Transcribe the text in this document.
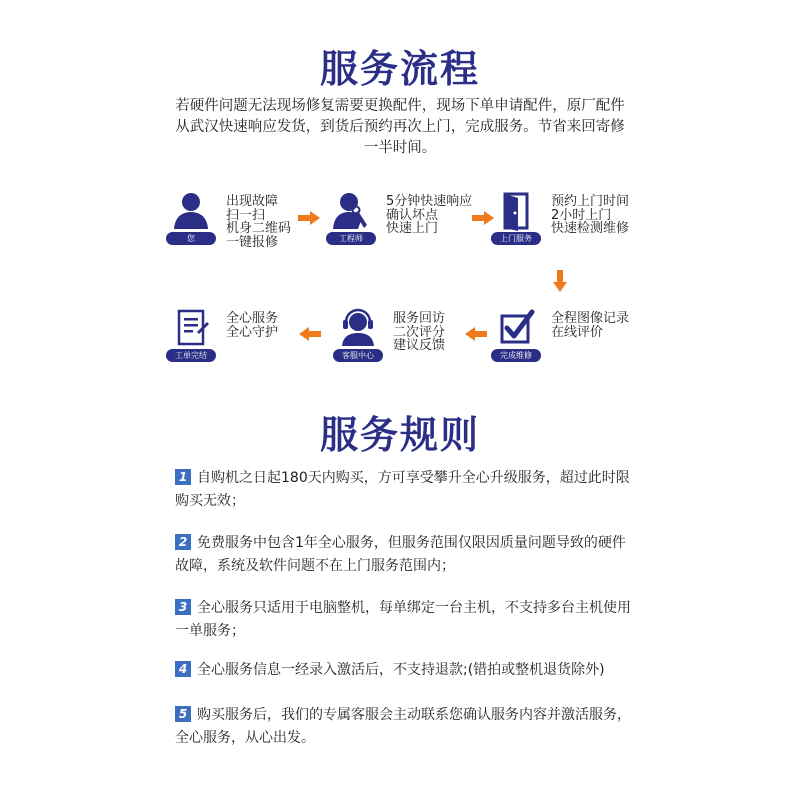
服务流程
若硬件问题无法现场修复需要更换配件，现场下单申请配件，原厂配件从武汉快速响应发货，到货后预约再次上门，完成服务。节省来回寄修一半时间。
您
出现故障
扫一扫
机身二维码
一键报修	工程师
5分钟快速响应
确认坏点
快速上门
上门服务
预约上门时间
2小时上门
快速检测维修
完成维修
全程图像记录
在线评价
客服中心
服务回访
二次评分
建议反馈
工单完结
全心服务
全心守护
服务规则
1 自购机之日起180天内购买，方可享受攀升全心升级服务，超过此时限购买无效；
2 免费服务中包含1年全心服务，但服务范围仅限因质量问题导致的硬件故障，系统及软件问题不在上门服务范围内；
3 全心服务只适用于电脑整机，每单绑定一台主机，不支持多台主机使用一单服务；
4 全心服务信息一经录入激活后，不支持退款;(错拍或整机退货除外)
5 购买服务后，我们的专属客服会主动联系您确认服务内容并激活服务，全心服务，从心出发。
